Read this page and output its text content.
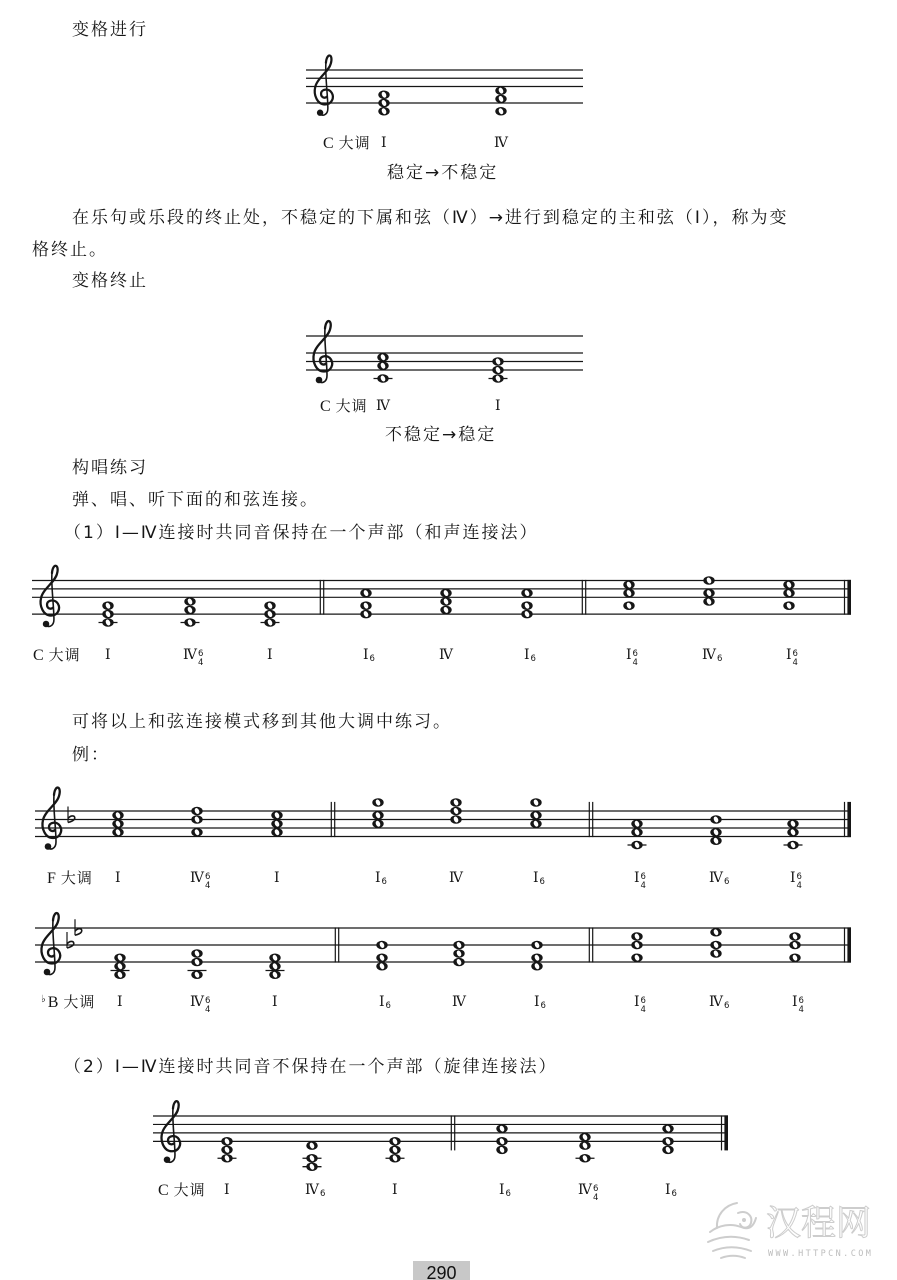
变格进行
稳定→不稳定
在乐句或乐段的终止处，不稳定的下属和弦（Ⅳ）→进行到稳定的主和弦（Ⅰ），称为变
格终止。
变格终止
不稳定→稳定
构唱练习
弹、唱、听下面的和弦连接。
（1）Ⅰ—Ⅳ连接时共同音保持在一个声部（和声连接法）
可将以上和弦连接模式移到其他大调中练习。
例：
（2）Ⅰ—Ⅳ连接时共同音不保持在一个声部（旋律连接法）
Ⅰ	Ⅳ
C 大调
Ⅳ	Ⅰ
C 大调
Ⅰ	Ⅳ 6
4	Ⅰ	Ⅰ 6	Ⅳ	Ⅰ 6	Ⅰ 6
4	Ⅳ 6	Ⅰ 6
4
C 大调
Ⅰ	Ⅳ 6
4	Ⅰ	Ⅰ 6	Ⅳ	Ⅰ 6	Ⅰ 6
4	Ⅳ 6	Ⅰ 6
4
F 大调
Ⅰ	Ⅳ 6
4	Ⅰ	Ⅰ 6	Ⅳ	Ⅰ 6	Ⅰ 6
4	Ⅳ 6	Ⅰ 6
4
♭B 大调
Ⅰ	Ⅳ 6	Ⅰ	Ⅰ 6	Ⅳ 6
4	Ⅰ 6
C 大调
290
汉程网
WWW.HTTPCN.COM
